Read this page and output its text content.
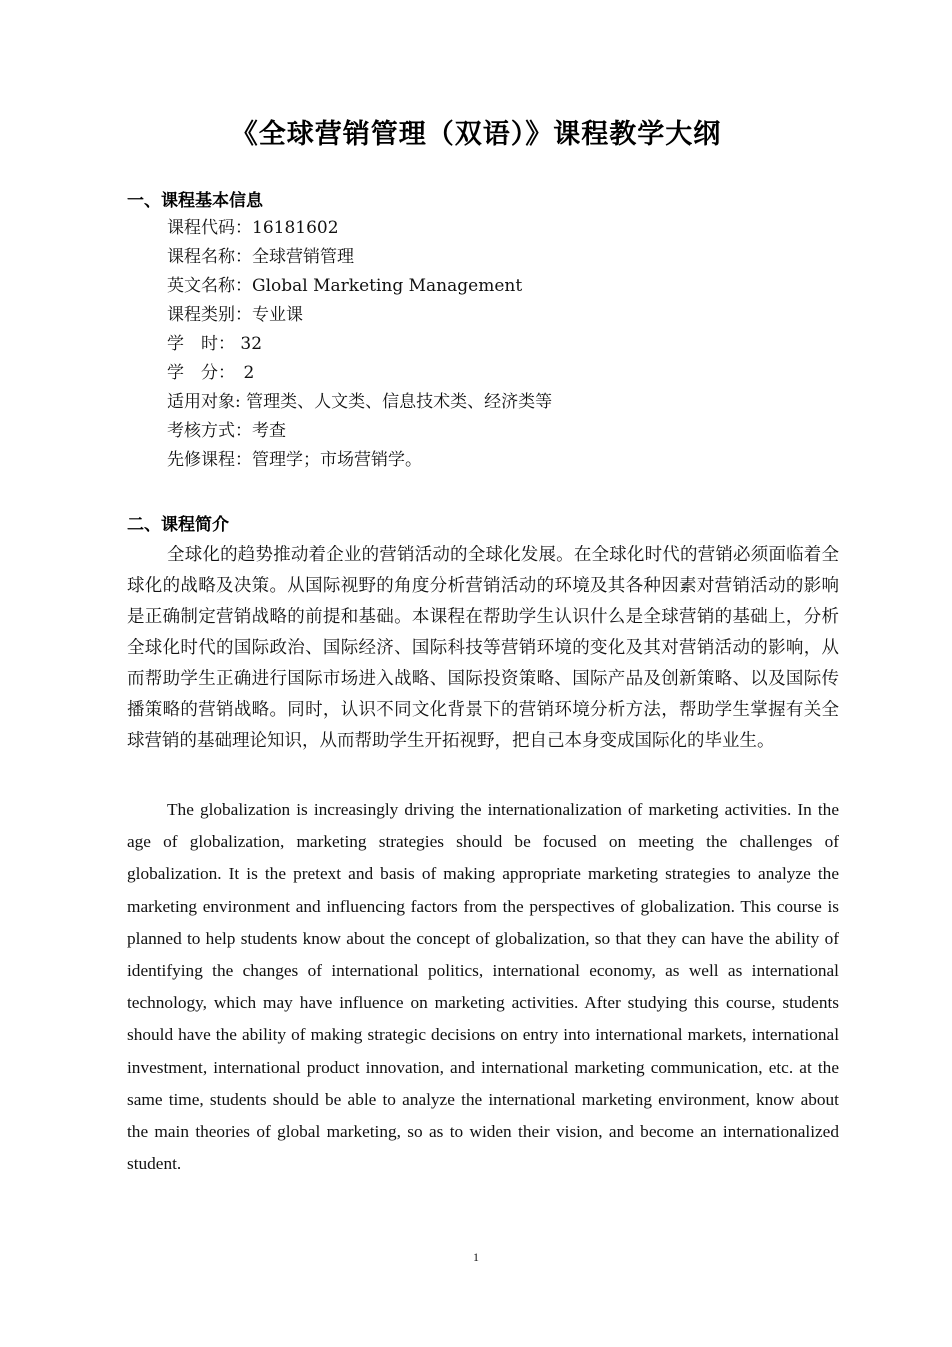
《全球营销管理（双语）》课程教学大纲
一、课程基本信息
课程代码：16181602
课程名称：全球营销管理
英文名称：Global Marketing Management
课程类别：专业课
学　时： 32
学　分：　2
适用对象: 管理类、人文类、信息技术类、经济类等
考核方式：考查
先修课程：管理学；市场营销学。
二、课程简介

全球化的趋势推动着企业的营销活动的全球化发展。在全球化时代的营销必须面临着全球化的战略及决策。从国际视野的角度分析营销活动的环境及其各种因素对营销活动的影响是正确制定营销战略的前提和基础。本课程在帮助学生认识什么是全球营销的基础上，分析全球化时代的国际政治、国际经济、国际科技等营销环境的变化及其对营销活动的影响，从而帮助学生正确进行国际市场进入战略、国际投资策略、国际产品及创新策略、以及国际传播策略的营销战略。同时，认识不同文化背景下的营销环境分析方法，帮助学生掌握有关全球营销的基础理论知识，从而帮助学生开拓视野，把自己本身变成国际化的毕业生。

The globalization is increasingly driving the internationalization of marketing activities. In the age of globalization, marketing strategies should be focused on meeting the challenges of globalization. It is the pretext and basis of making appropriate marketing strategies to analyze the marketing environment and influencing factors from the perspectives of globalization. This course is planned to help students know about the concept of globalization, so that they can have the ability of identifying the changes of international politics, international economy, as well as international technology, which may have influence on marketing activities. After studying this course, students should have the ability of making strategic decisions on entry into international markets, international investment, international product innovation, and international marketing communication, etc. at the same time, students should be able to analyze the international marketing environment, know about the main theories of global marketing, so as to widen their vision, and become an internationalized student.

1
